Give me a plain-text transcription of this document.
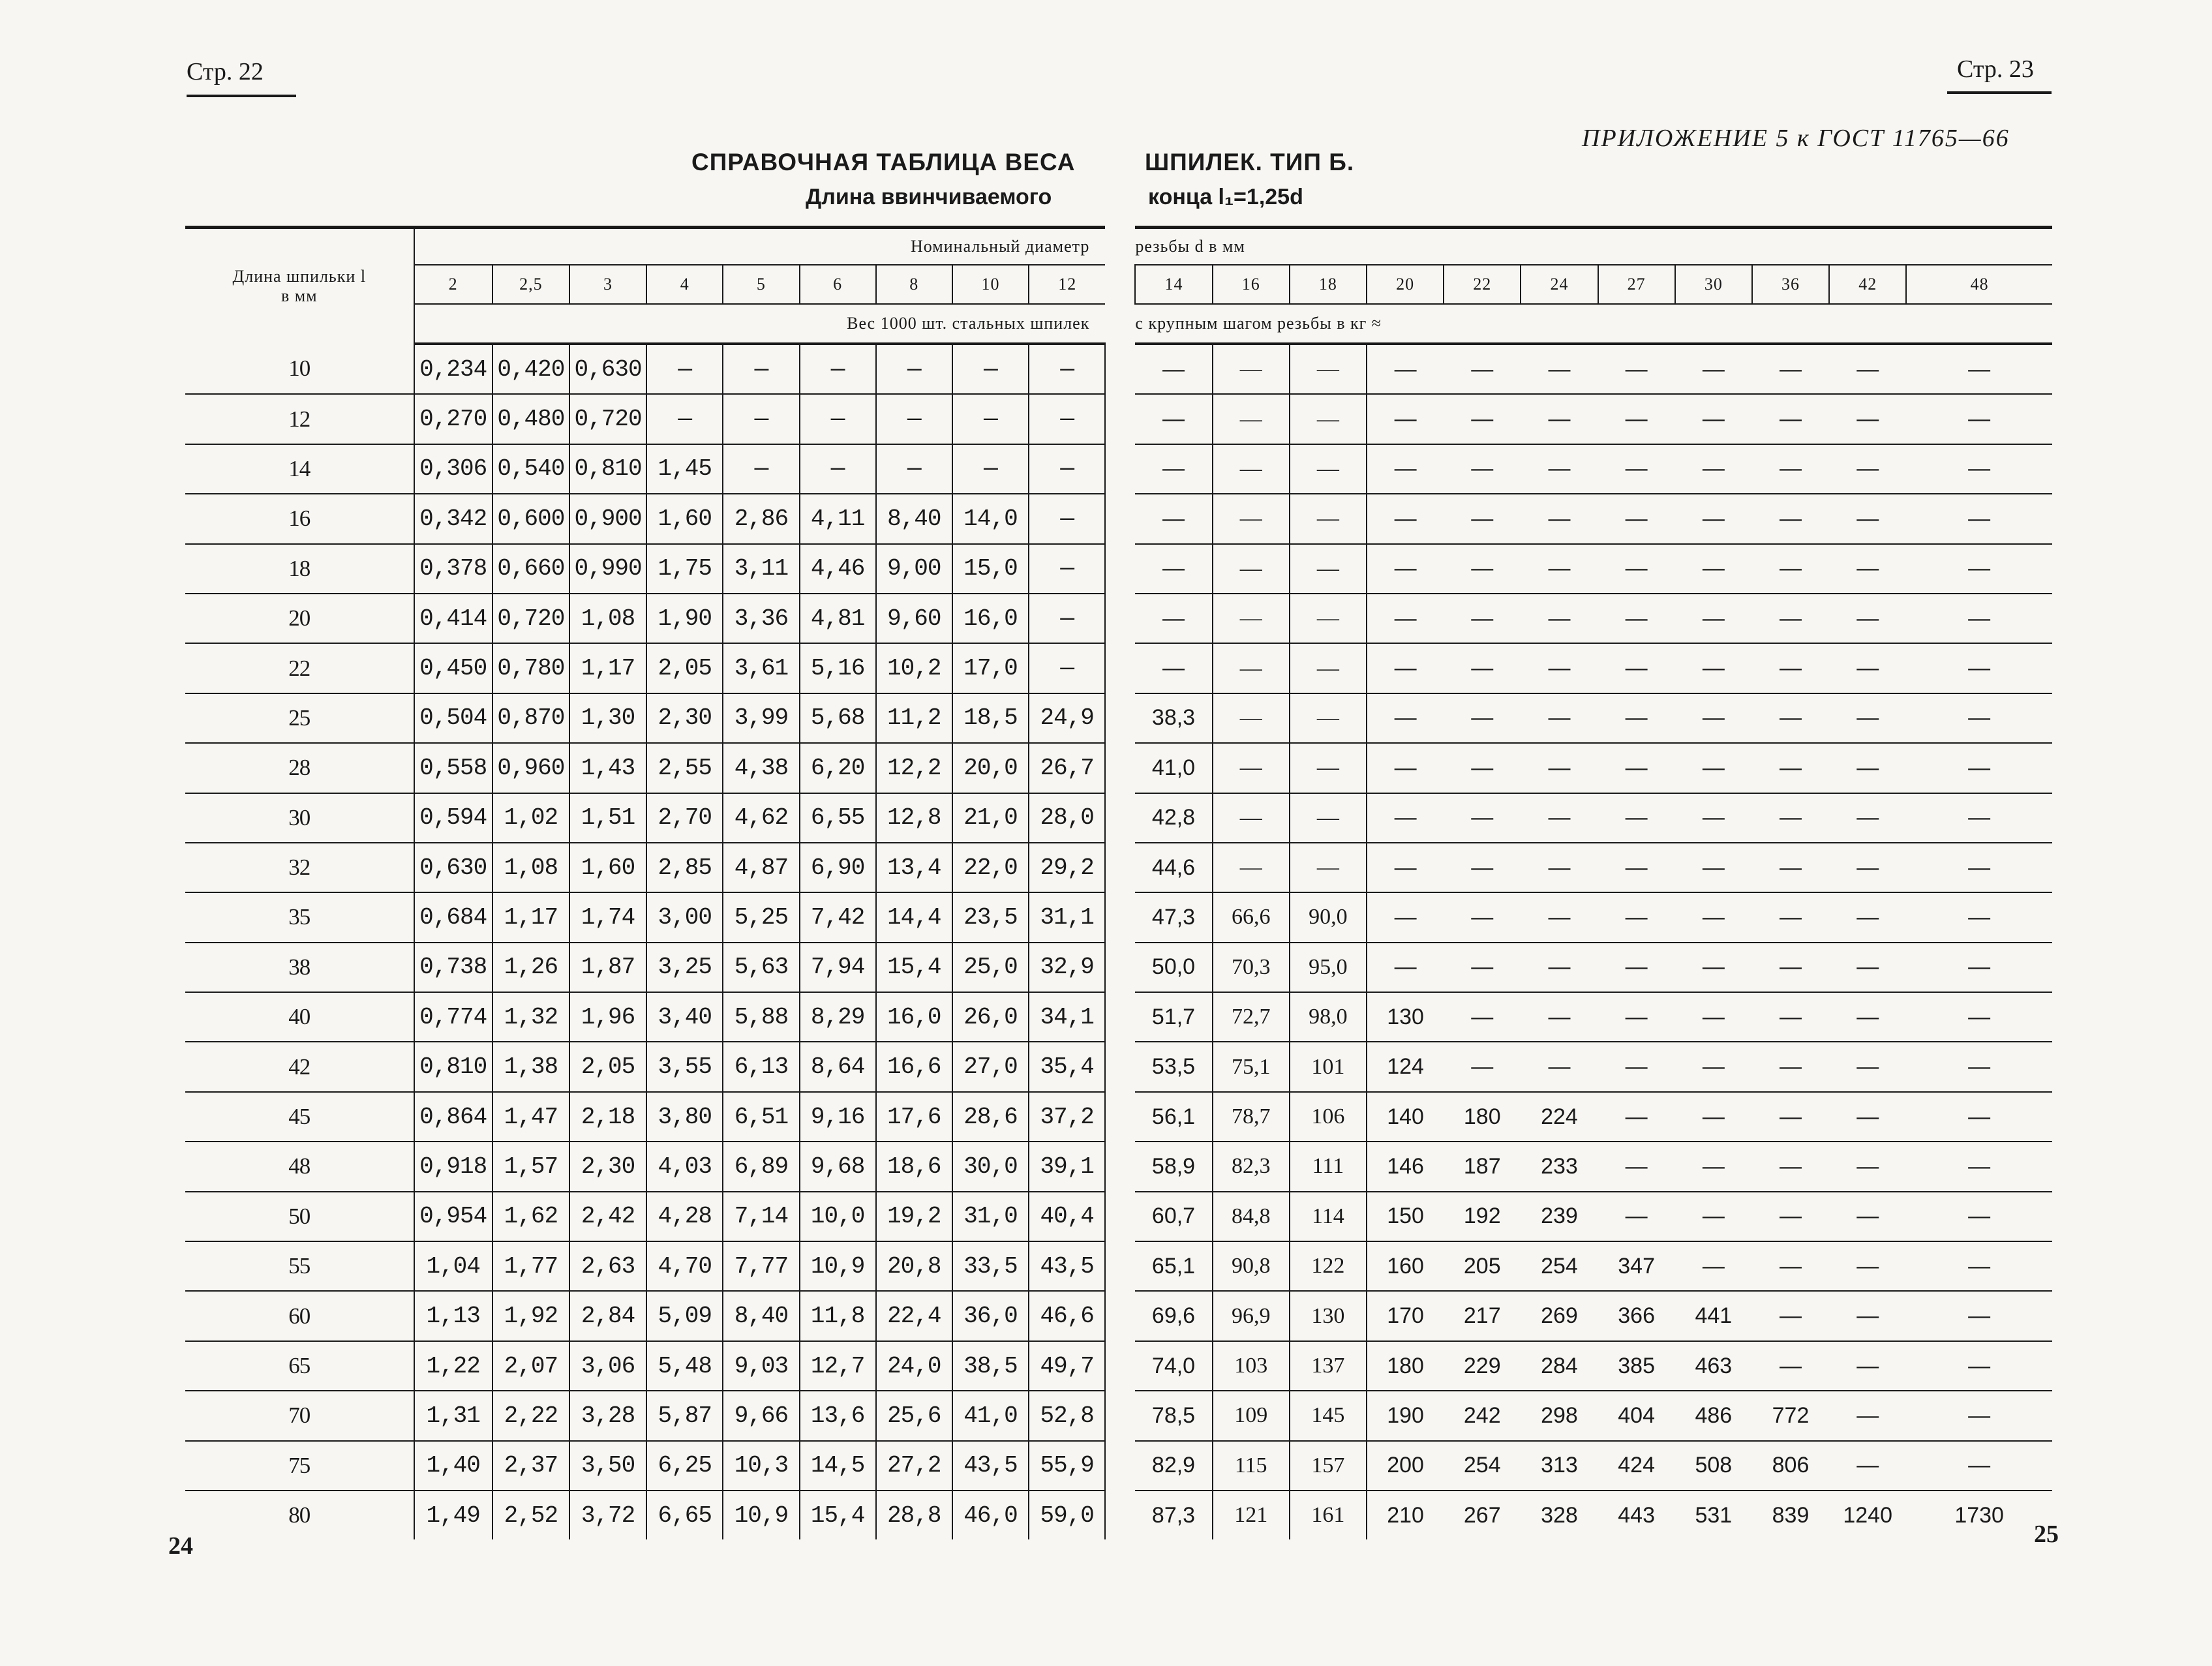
Стр. 22	Стр. 23
ПРИЛОЖЕНИЕ 5 к ГОСТ 11765—66
СПРАВОЧНАЯ ТАБЛИЦА ВЕСА	ШПИЛЕК. ТИП Б.
Длина ввинчиваемого	конца l₁=1,25d
Длина шпильки l
в мм	Номинальный диаметр										резьбы d в мм										
	2	2,5	3	4	5	6	8	10	12		14	16	18	20	22	24	27	30	36	42	48
	Вес 1000 шт. стальных шпилек										с крупным шагом резьбы в кг ≈										
10	0,234	0,420	0,630	—	—	—	—	—	—		—	—	—	—	—	—	—	—	—	—	—
12	0,270	0,480	0,720	—	—	—	—	—	—		—	—	—	—	—	—	—	—	—	—	—
14	0,306	0,540	0,810	1,45	—	—	—	—	—		—	—	—	—	—	—	—	—	—	—	—
16	0,342	0,600	0,900	1,60	2,86	4,11	8,40	14,0	—		—	—	—	—	—	—	—	—	—	—	—
18	0,378	0,660	0,990	1,75	3,11	4,46	9,00	15,0	—		—	—	—	—	—	—	—	—	—	—	—
20	0,414	0,720	1,08	1,90	3,36	4,81	9,60	16,0	—		—	—	—	—	—	—	—	—	—	—	—
22	0,450	0,780	1,17	2,05	3,61	5,16	10,2	17,0	—		—	—	—	—	—	—	—	—	—	—	—
25	0,504	0,870	1,30	2,30	3,99	5,68	11,2	18,5	24,9		38,3	—	—	—	—	—	—	—	—	—	—
28	0,558	0,960	1,43	2,55	4,38	6,20	12,2	20,0	26,7		41,0	—	—	—	—	—	—	—	—	—	—
30	0,594	1,02	1,51	2,70	4,62	6,55	12,8	21,0	28,0		42,8	—	—	—	—	—	—	—	—	—	—
32	0,630	1,08	1,60	2,85	4,87	6,90	13,4	22,0	29,2		44,6	—	—	—	—	—	—	—	—	—	—
35	0,684	1,17	1,74	3,00	5,25	7,42	14,4	23,5	31,1		47,3	66,6	90,0	—	—	—	—	—	—	—	—
38	0,738	1,26	1,87	3,25	5,63	7,94	15,4	25,0	32,9		50,0	70,3	95,0	—	—	—	—	—	—	—	—
40	0,774	1,32	1,96	3,40	5,88	8,29	16,0	26,0	34,1		51,7	72,7	98,0	130	—	—	—	—	—	—	—
42	0,810	1,38	2,05	3,55	6,13	8,64	16,6	27,0	35,4		53,5	75,1	101	124	—	—	—	—	—	—	—
45	0,864	1,47	2,18	3,80	6,51	9,16	17,6	28,6	37,2		56,1	78,7	106	140	180	224	—	—	—	—	—
48	0,918	1,57	2,30	4,03	6,89	9,68	18,6	30,0	39,1		58,9	82,3	111	146	187	233	—	—	—	—	—
50	0,954	1,62	2,42	4,28	7,14	10,0	19,2	31,0	40,4		60,7	84,8	114	150	192	239	—	—	—	—	—
55	1,04	1,77	2,63	4,70	7,77	10,9	20,8	33,5	43,5		65,1	90,8	122	160	205	254	347	—	—	—	—
60	1,13	1,92	2,84	5,09	8,40	11,8	22,4	36,0	46,6		69,6	96,9	130	170	217	269	366	441	—	—	—
65	1,22	2,07	3,06	5,48	9,03	12,7	24,0	38,5	49,7		74,0	103	137	180	229	284	385	463	—	—	—
70	1,31	2,22	3,28	5,87	9,66	13,6	25,6	41,0	52,8		78,5	109	145	190	242	298	404	486	772	—	—
75	1,40	2,37	3,50	6,25	10,3	14,5	27,2	43,5	55,9		82,9	115	157	200	254	313	424	508	806	—	—
80	1,49	2,52	3,72	6,65	10,9	15,4	28,8	46,0	59,0		87,3	121	161	210	267	328	443	531	839	1240	1730
24	25
